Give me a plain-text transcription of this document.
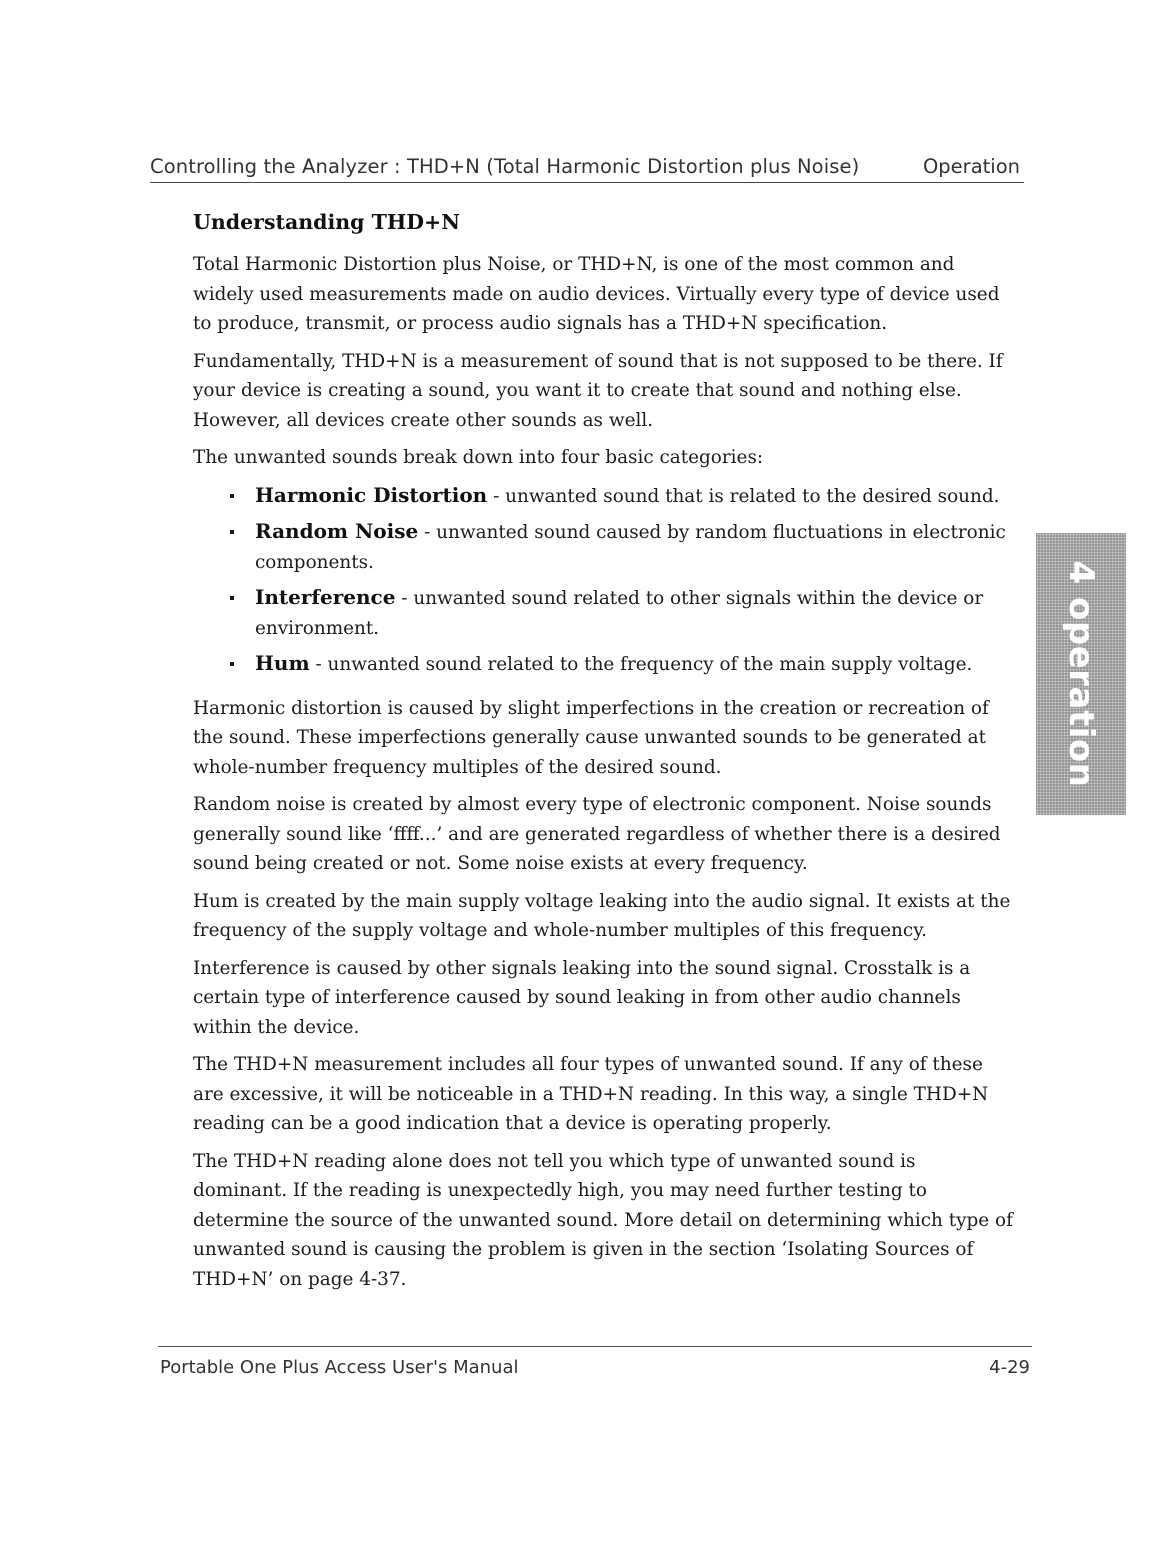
Controlling the Analyzer : THD+N (Total Harmonic Distortion plus Noise)	Operation
Understanding THD+N

Total Harmonic Distortion plus Noise, or THD+N, is one of the most common and widely used measurements made on audio devices. Virtually every type of device used to produce, transmit, or process audio signals has a THD+N specification.

Fundamentally, THD+N is a measurement of sound that is not supposed to be there. If your device is creating a sound, you want it to create that sound and nothing else. However, all devices create other sounds as well.

The unwanted sounds break down into four basic categories:

Harmonic Distortion - unwanted sound that is related to the desired sound.
Random Noise - unwanted sound caused by random fluctuations in electronic components.
Interference - unwanted sound related to other signals within the device or environment.
Hum - unwanted sound related to the frequency of the main supply voltage.

Harmonic distortion is caused by slight imperfections in the creation or recreation of the sound. These imperfections generally cause unwanted sounds to be generated at whole-number frequency multiples of the desired sound.

Random noise is created by almost every type of electronic component. Noise sounds generally sound like ‘ffff...’ and are generated regardless of whether there is a desired sound being created or not. Some noise exists at every frequency.

Hum is created by the main supply voltage leaking into the audio signal. It exists at the frequency of the supply voltage and whole-number multiples of this frequency.

Interference is caused by other signals leaking into the sound signal. Crosstalk is a certain type of interference caused by sound leaking in from other audio channels within the device.

The THD+N measurement includes all four types of unwanted sound. If any of these are excessive, it will be noticeable in a THD+N reading. In this way, a single THD+N reading can be a good indication that a device is operating properly.

The THD+N reading alone does not tell you which type of unwanted sound is dominant. If the reading is unexpectedly high, you may need further testing to determine the source of the unwanted sound. More detail on determining which type of unwanted sound is causing the problem is given in the section ‘Isolating Sources of THD+N’ on page 4-37.

4 operation
Portable One Plus Access User's Manual	4-29
